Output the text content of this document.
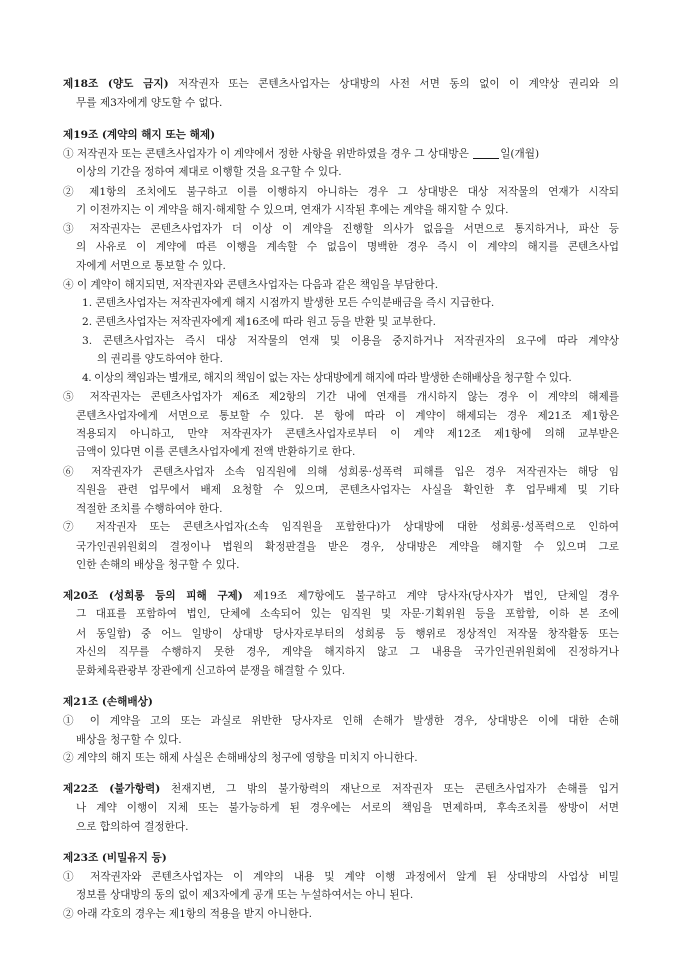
제18조 (양도 금지) 저작권자 또는 콘텐츠사업자는 상대방의 사전 서면 동의 없이 이 계약상 권리와 의
무를 제3자에게 양도할 수 없다.
제19조 (계약의 해지 또는 해제)
① 저작권자 또는 콘텐츠사업자가 이 계약에서 정한 사항을 위반하였을 경우 그 상대방은	일(개월)
이상의 기간을 정하여 제대로 이행할 것을 요구할 수 있다.
② 제1항의 조치에도 불구하고 이를 이행하지 아니하는 경우 그 상대방은 대상 저작물의 연재가 시작되
기 이전까지는 이 계약을 해지·해제할 수 있으며, 연재가 시작된 후에는 계약을 해지할 수 있다.
③ 저작권자는 콘텐츠사업자가 더 이상 이 계약을 진행할 의사가 없음을 서면으로 통지하거나, 파산 등
의 사유로 이 계약에 따른 이행을 계속할 수 없음이 명백한 경우 즉시 이 계약의 해지를 콘텐츠사업
자에게 서면으로 통보할 수 있다.
④ 이 계약이 해지되면, 저작권자와 콘텐츠사업자는 다음과 같은 책임을 부담한다.
1. 콘텐츠사업자는 저작권자에게 해지 시점까지 발생한 모든 수익분배금을 즉시 지급한다.
2. 콘텐츠사업자는 저작권자에게 제16조에 따라 원고 등을 반환 및 교부한다.
3. 콘텐츠사업자는 즉시 대상 저작물의 연재 및 이용을 중지하거나 저작권자의 요구에 따라 계약상
의 권리를 양도하여야 한다.
4. 이상의 책임과는 별개로, 해지의 책임이 없는 자는 상대방에게 해지에 따라 발생한 손해배상을 청구할 수 있다.
⑤ 저작권자는 콘텐츠사업자가 제6조 제2항의 기간 내에 연재를 개시하지 않는 경우 이 계약의 해제를
콘텐츠사업자에게 서면으로 통보할 수 있다. 본 항에 따라 이 계약이 해제되는 경우 제21조 제1항은
적용되지 아니하고, 만약 저작권자가 콘텐츠사업자로부터 이 계약 제12조 제1항에 의해 교부받은
금액이 있다면 이를 콘텐츠사업자에게 전액 반환하기로 한다.
⑥ 저작권자가 콘텐츠사업자 소속 임직원에 의해 성희롱·성폭력 피해를 입은 경우 저작권자는 해당 임
직원을 관련 업무에서 배제 요청할 수 있으며, 콘텐츠사업자는 사실을 확인한 후 업무배제 및 기타
적절한 조치를 수행하여야 한다.
⑦ 저작권자 또는 콘텐츠사업자(소속 임직원을 포함한다)가 상대방에 대한 성희롱·성폭력으로 인하여
국가인권위원회의 결정이나 법원의 확정판결을 받은 경우, 상대방은 계약을 해지할 수 있으며 그로
인한 손해의 배상을 청구할 수 있다.
제20조 (성희롱 등의 피해 구제) 제19조 제7항에도 불구하고 계약 당사자(당사자가 법인, 단체일 경우
그 대표를 포함하여 법인, 단체에 소속되어 있는 임직원 및 자문·기획위원 등을 포함함, 이하 본 조에
서 동일함) 중 어느 일방이 상대방 당사자로부터의 성희롱 등 행위로 정상적인 저작물 창작활동 또는
자신의 직무를 수행하지 못한 경우, 계약을 해지하지 않고 그 내용을 국가인권위원회에 진정하거나
문화체육관광부 장관에게 신고하여 분쟁을 해결할 수 있다.
제21조 (손해배상)
① 이 계약을 고의 또는 과실로 위반한 당사자로 인해 손해가 발생한 경우, 상대방은 이에 대한 손해
배상을 청구할 수 있다.
② 계약의 해지 또는 해제 사실은 손해배상의 청구에 영향을 미치지 아니한다.
제22조 (불가항력) 천재지변, 그 밖의 불가항력의 재난으로 저작권자 또는 콘텐츠사업자가 손해를 입거
나 계약 이행이 지체 또는 불가능하게 된 경우에는 서로의 책임을 면제하며, 후속조치를 쌍방이 서면
으로 합의하여 결정한다.
제23조 (비밀유지 등)
① 저작권자와 콘텐츠사업자는 이 계약의 내용 및 계약 이행 과정에서 알게 된 상대방의 사업상 비밀
정보를 상대방의 동의 없이 제3자에게 공개 또는 누설하여서는 아니 된다.
② 아래 각호의 경우는 제1항의 적용을 받지 아니한다.
